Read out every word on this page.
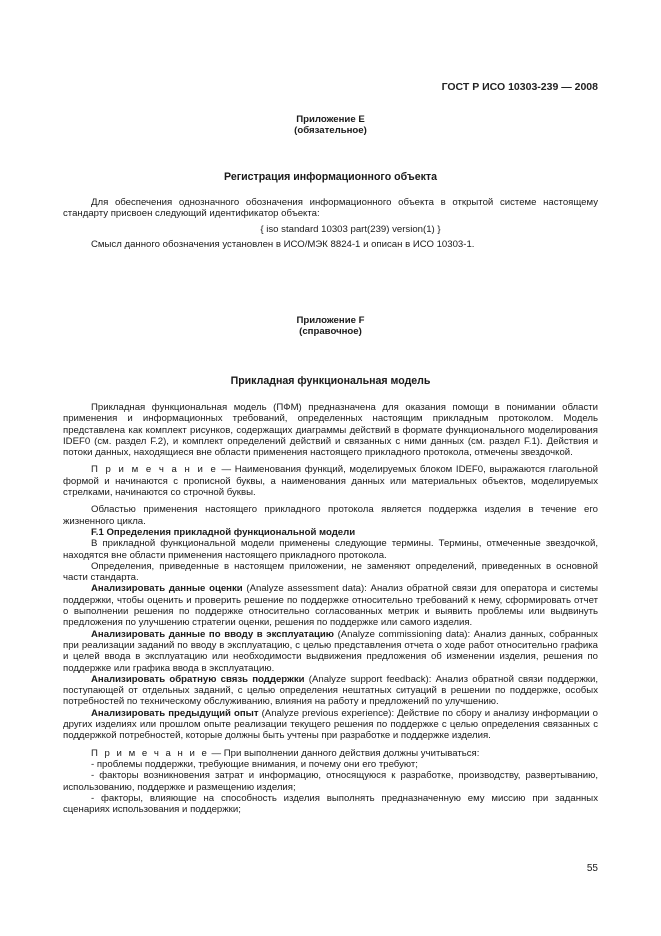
ГОСТ Р ИСО 10303-239 — 2008
Приложение E
(обязательное)
Регистрация информационного объекта

Для обеспечения однозначного обозначения информационного объекта в открытой системе настоящему стандарту присвоен следующий идентификатор объекта:

{ iso standard 10303 part(239) version(1) }

Смысл данного обозначения установлен в ИСО/МЭК 8824-1 и описан в ИСО 10303-1.

Приложение F
(справочное)
Прикладная функциональная модель

Прикладная функциональная модель (ПФМ) предназначена для оказания помощи в понимании области применения и информационных требований, определенных настоящим прикладным протоколом. Модель представлена как комплект рисунков, содержащих диаграммы действий в формате функционального моделирования IDEF0 (см. раздел F.2), и комплект определений действий и связанных с ними данных (см. раздел F.1). Действия и потоки данных, находящиеся вне области применения настоящего прикладного протокола, отмечены звездочкой.

П р и м е ч а н и е — Наименования функций, моделируемых блоком IDEF0, выражаются глагольной формой и начинаются с прописной буквы, а наименования данных или материальных объектов, моделируемых стрелками, начинаются со строчной буквы.

Областью применения настоящего прикладного протокола является поддержка изделия в течение его жизненного цикла.

F.1 Определения прикладной функциональной модели

В прикладной функциональной модели применены следующие термины. Термины, отмеченные звездочкой, находятся вне области применения настоящего прикладного протокола.

Определения, приведенные в настоящем приложении, не заменяют определений, приведенных в основной части стандарта.

Анализировать данные оценки (Analyze assessment data): Анализ обратной связи для оператора и системы поддержки, чтобы оценить и проверить решение по поддержке относительно требований к нему, сформировать отчет о выполнении решения по поддержке относительно согласованных метрик и выявить проблемы или выдвинуть предложения по улучшению стратегии оценки, решения по поддержке или самого изделия.

Анализировать данные по вводу в эксплуатацию (Analyze commissioning data): Анализ данных, собранных при реализации заданий по вводу в эксплуатацию, с целью представления отчета о ходе работ относительно графика и целей ввода в эксплуатацию или необходимости выдвижения предложения об изменении изделия, решения по поддержке или графика ввода в эксплуатацию.

Анализировать обратную связь поддержки (Analyze support feedback): Анализ обратной связи поддержки, поступающей от отдельных заданий, с целью определения нештатных ситуаций в решении по поддержке, особых потребностей по техническому обслуживанию, влияния на работу и предложений по улучшению.

Анализировать предыдущий опыт (Analyze previous experience): Действие по сбору и анализу информации о других изделиях или прошлом опыте реализации текущего решения по поддержке с целью определения связанных с поддержкой потребностей, которые должны быть учтены при разработке и поддержке изделия.

П р и м е ч а н и е — При выполнении данного действия должны учитываться:

- проблемы поддержки, требующие внимания, и почему они его требуют;

- факторы возникновения затрат и информацию, относящуюся к разработке, производству, развертыванию, использованию, поддержке и размещению изделия;

- факторы, влияющие на способность изделия выполнять предназначенную ему миссию при заданных сценариях использования и поддержки;

55
